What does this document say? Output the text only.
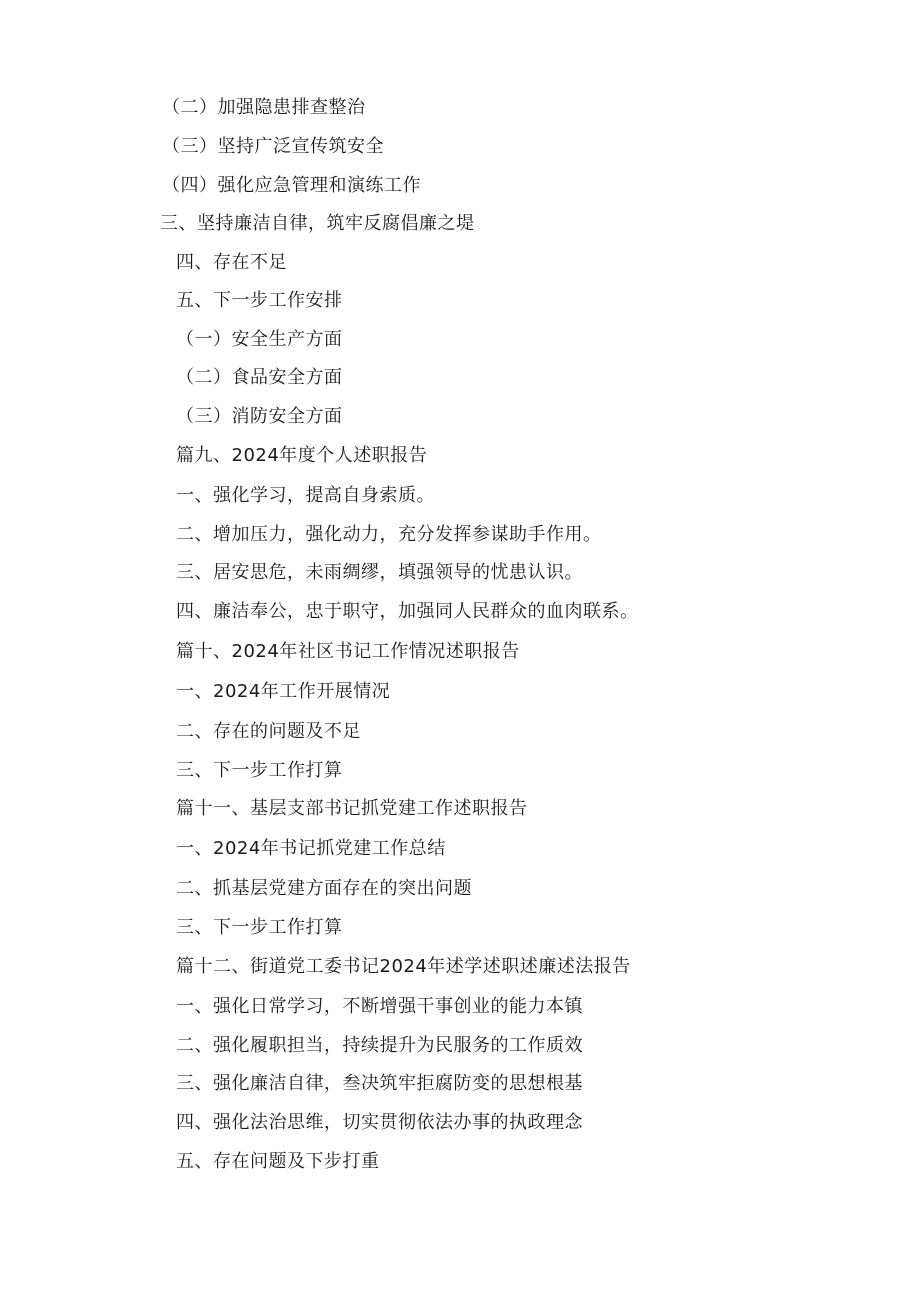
（二）加强隐患排查整治
（三）坚持广泛宣传筑安全
（四）强化应急管理和演练工作
三、坚持廉洁自律，筑牢反腐倡廉之堤
四、存在不足
五、下一步工作安排
（一）安全生产方面
（二）食品安全方面
（三）消防安全方面
篇九、2024年度个人述职报告
一、强化学习，提高自身索质。
二、增加压力，强化动力，充分发挥参谋助手作用。
三、居安思危，未雨绸缪，填强领导的忧患认识。
四、廉洁奉公，忠于职守，加强同人民群众的血肉联系。
篇十、2024年社区书记工作情况述职报告
一、2024年工作开展情况
二、存在的问题及不足
三、下一步工作打算
篇十一、基层支部书记抓党建工作述职报告
一、2024年书记抓党建工作总结
二、抓基层党建方面存在的突出问题
三、下一步工作打算
篇十二、街道党工委书记2024年述学述职述廉述法报告
一、强化日常学习，不断增强干事创业的能力本镇
二、强化履职担当，持续提升为民服务的工作质效
三、强化廉洁自律，叁决筑牢拒腐防变的思想根基
四、强化法治思维，切实贯彻依法办事的执政理念
五、存在问题及下步打重
